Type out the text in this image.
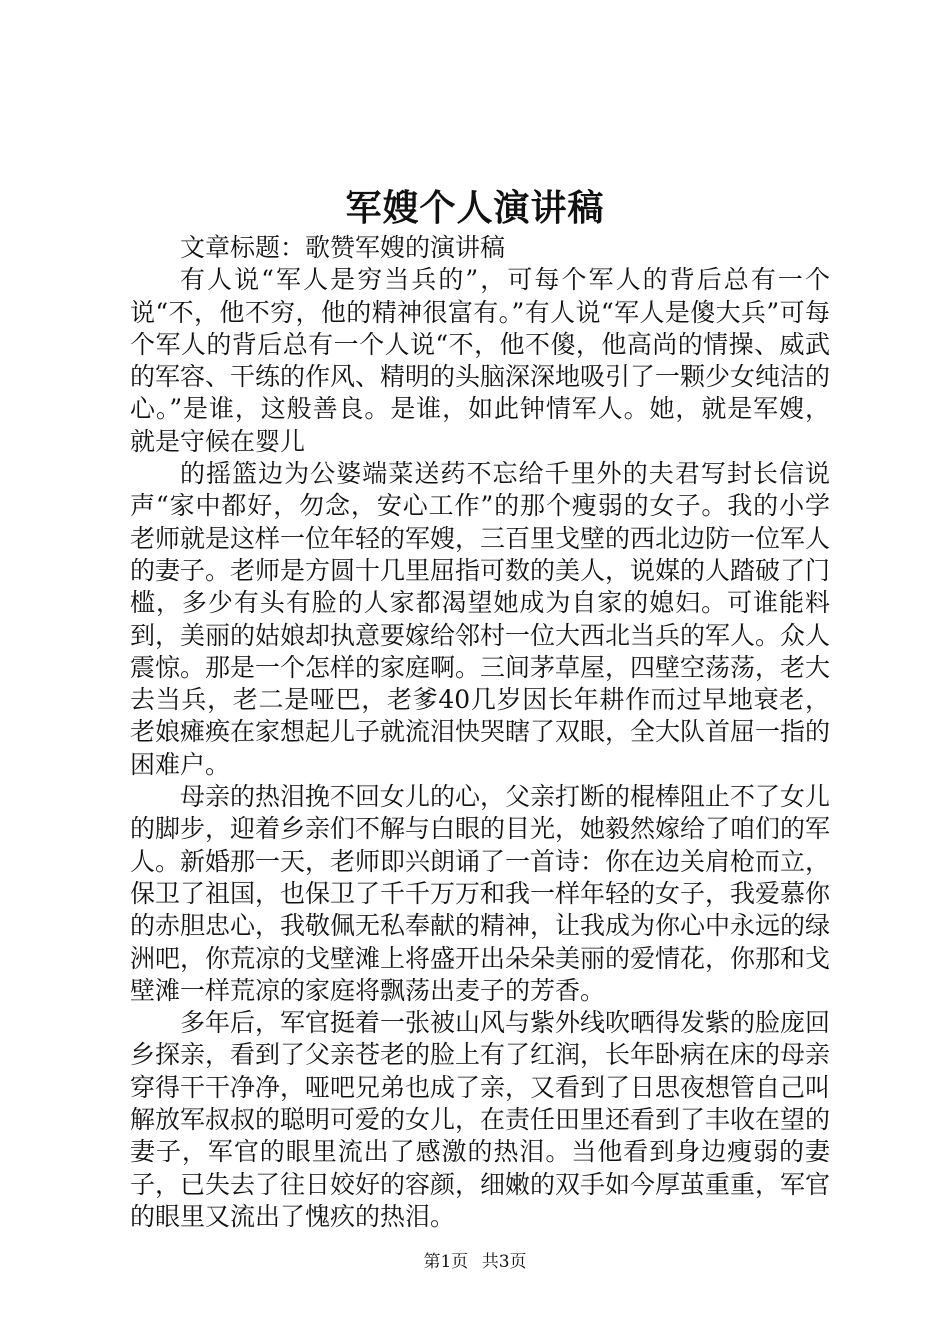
军嫂个人演讲稿

文章标题：歌赞军嫂的演讲稿

有人说“军人是穷当兵的”，可每个军人的背后总有一个说“不，他不穷，他的精神很富有。”有人说“军人是傻大兵”可每个军人的背后总有一个人说“不，他不傻，他高尚的情操、威武的军容、干练的作风、精明的头脑深深地吸引了一颗少女纯洁的心。”是谁，这般善良。是谁，如此钟情军人。她，就是军嫂，就是守候在婴儿

的摇篮边为公婆端菜送药不忘给千里外的夫君写封长信说声“家中都好，勿念，安心工作”的那个瘦弱的女子。我的小学老师就是这样一位年轻的军嫂，三百里戈壁的西北边防一位军人的妻子。老师是方圆十几里屈指可数的美人，说媒的人踏破了门槛，多少有头有脸的人家都渴望她成为自家的媳妇。可谁能料到，美丽的姑娘却执意要嫁给邻村一位大西北当兵的军人。众人震惊。那是一个怎样的家庭啊。三间茅草屋，四壁空荡荡，老大去当兵，老二是哑巴，老爹40几岁因长年耕作而过早地衰老，老娘瘫痪在家想起儿子就流泪快哭瞎了双眼，全大队首屈一指的困难户。

母亲的热泪挽不回女儿的心，父亲打断的棍棒阻止不了女儿的脚步，迎着乡亲们不解与白眼的目光，她毅然嫁给了咱们的军人。新婚那一天，老师即兴朗诵了一首诗：你在边关肩枪而立，保卫了祖国，也保卫了千千万万和我一样年轻的女子，我爱慕你的赤胆忠心，我敬佩无私奉献的精神，让我成为你心中永远的绿洲吧，你荒凉的戈壁滩上将盛开出朵朵美丽的爱情花，你那和戈壁滩一样荒凉的家庭将飘荡出麦子的芳香。

多年后，军官挺着一张被山风与紫外线吹晒得发紫的脸庞回乡探亲，看到了父亲苍老的脸上有了红润，长年卧病在床的母亲穿得干干净净，哑吧兄弟也成了亲，又看到了日思夜想管自己叫解放军叔叔的聪明可爱的女儿，在责任田里还看到了丰收在望的妻子，军官的眼里流出了感激的热泪。当他看到身边瘦弱的妻子，已失去了往日姣好的容颜，细嫩的双手如今厚茧重重，军官的眼里又流出了愧疚的热泪。

第1页 共3页
